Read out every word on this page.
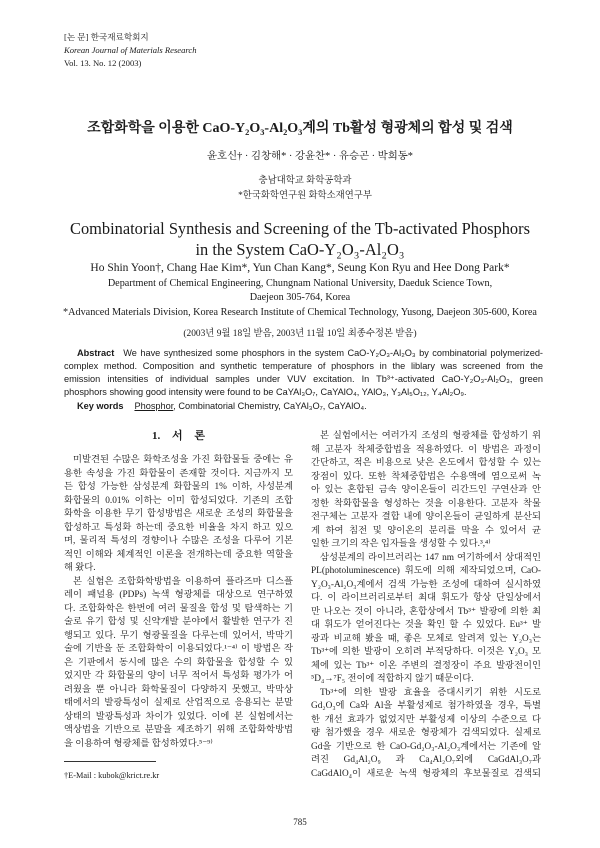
[논 문] 한국재료학회지
Korean Journal of Materials Research
Vol. 13. No. 12 (2003)
조합화학을 이용한 CaO-Y₂O₃-Al₂O₃계의 Tb활성 형광체의 합성 및 검색
윤호신† · 김창해* · 강윤찬* · 유승곤 · 박희동*
충남대학교 화학공학과
*한국화학연구원 화학소재연구부
Combinatorial Synthesis and Screening of the Tb-activated Phosphors
in the System CaO-Y₂O₃-Al₂O₃
Ho Shin Yoon†, Chang Hae Kim*, Yun Chan Kang*, Seung Kon Ryu and Hee Dong Park*
Department of Chemical Engineering, Chungnam National University, Daeduk Science Town,
Daejeon 305-764, Korea
*Advanced Materials Division, Korea Research Institute of Chemical Technology, Yusong, Daejeon 305-600, Korea
(2003년 9월 18일 받음, 2003년 11월 10일 최종수정본 받음)
Abstract We have synthesized some phosphors in the system CaO-Y₂O₃-Al₂O₃ by combinatorial polymerized-
complex method. Composition and synthetic temperature of phosphors in the liblary was screened from the
emission intensities of individual samples under VUV excitation. In Tb³⁺-activated CaO-Y₂O₃-Al₂O₃, green
phosphors showing good intensity were found to be CaYAl₃O₇, CaYAlO₄, YAlO₃, Y₃Al₅O₁₂, Y₄Al₂O₉.
Key words Phosphor, Combinatorial Chemistry, CaYAl₃O₇, CaYAlO₄.
1. 서 론
미발견된 수많은 화학조성을 가진 화합물들 중에는 유
용한 속성을 가진 화합물이 존재할 것이다. 지금까지 모
든 합성 가능한 삼성분계 화합물의 1% 이하, 사성분계
화합물의 0.01% 이하는 이미 합성되었다. 기존의 조합
화학을 이용한 무기 합성방법은 새로운 조성의 화합물을
합성하고 특성화 하는데 중요한 비율을 차지 하고 있으
며, 물리적 특성의 경향이나 수많은 조성을 다루어 기본
적인 이해와 체계적인 이론을 전개하는데 중요한 역할을
해 왔다.
본 실험은 조합화학방법을 이용하여 플라즈마 디스플
레이 패널용 (PDPs) 녹색 형광체를 대상으로 연구하였
다. 조합화학은 한번에 여러 물질을 합성 및 탐색하는 기
술로 유기 합성 및 신약개발 분야에서 활발한 연구가 진
행되고 있다. 무기 형광물질을 다루는데 있어서, 박막기
술에 기반을 둔 조합화학이 이용되었다.¹⁻⁴⁾ 이 방법은 작
은 기판에서 동시에 많은 수의 화합물을 합성할 수 있
었지만 각 화합물의 양이 너무 적어서 특성화 평가가 어
려웠을 뿐 아니라 화학물질이 다양하지 못했고, 박막상
태에서의 발광특성이 실제로 산업적으로 응용되는 분말
상태의 발광특성과 차이가 있었다. 이에 본 실험에서는
액상법을 기반으로 분말을 제조하기 위해 조합화학방법
을 이용하여 형광체를 합성하였다.⁵⁻⁹⁾
본 실험에서는 여러가지 조성의 형광체를 합성하기 위
해 고분자 착체중합법을 적용하였다. 이 방법은 과정이
간단하고, 적은 비용으로 낮은 온도에서 합성할 수 있는
장점이 있다. 또한 착체중합법은 수용액에 염으로써 녹
아 있는 혼합된 금속 양이온들이 리간드인 구연산과 안
정한 착화합물을 형성하는 것을 이용한다. 고분자 착물
전구체는 고분자 결합 내에 양이온들이 균일하게 분산되
게 하여 침전 및 양이온의 분리를 막을 수 있어서 균
일한 크기의 작은 입자들을 생성할 수 있다.³,⁴⁾
삼성분계의 라이브러리는 147 nm 여기하에서 상대적인
PL(photoluminescence) 휘도에 의해 제작되었으며, CaO-
Y₂O₃-Al₂O₃계에서 검색 가능한 조성에 대하여 실시하였
다. 이 라이브러리로부터 최대 휘도가 항상 단일상에서
만 나오는 것이 아니라, 혼합상에서 Tb³⁺ 발광에 의한 최
대 휘도가 얻어진다는 것을 확인 할 수 있었다. Eu³⁺ 발
광과 비교해 봤을 때, 좋은 모체로 알려져 있는 Y₂O₃는
Tb³⁺에 의한 발광이 오히려 부적당하다. 이것은 Y₂O₃ 모
체에 있는 Tb³⁺ 이온 주변의 결정장이 주요 발광전이인
⁵D₄→⁷F₅ 전이에 적합하지 않기 때문이다.
Tb³⁺에 의한 발광 효율을 증대시키기 위한 시도로
Gd₂O₃에 Ca와 Al을 부활성제로 첨가하였을 경우, 특별
한 개선 효과가 없었지만 부활성제 이상의 수준으로 다
량 첨가했을 경우 새로운 형광체가 검색되었다. 실제로
Gd을 기반으로 한 CaO-Gd₂O₃-Al₂O₃계에서는 기존에 알
려진 Gd₄Al₂O₉ 과 Ca₄Al₂O₇외에 CaGdAl₃O₇과
CaGdAlO₄이 새로운 녹색 형광체의 후보물질로 검색되
†E-Mail : kubok@krict.re.kr
785
